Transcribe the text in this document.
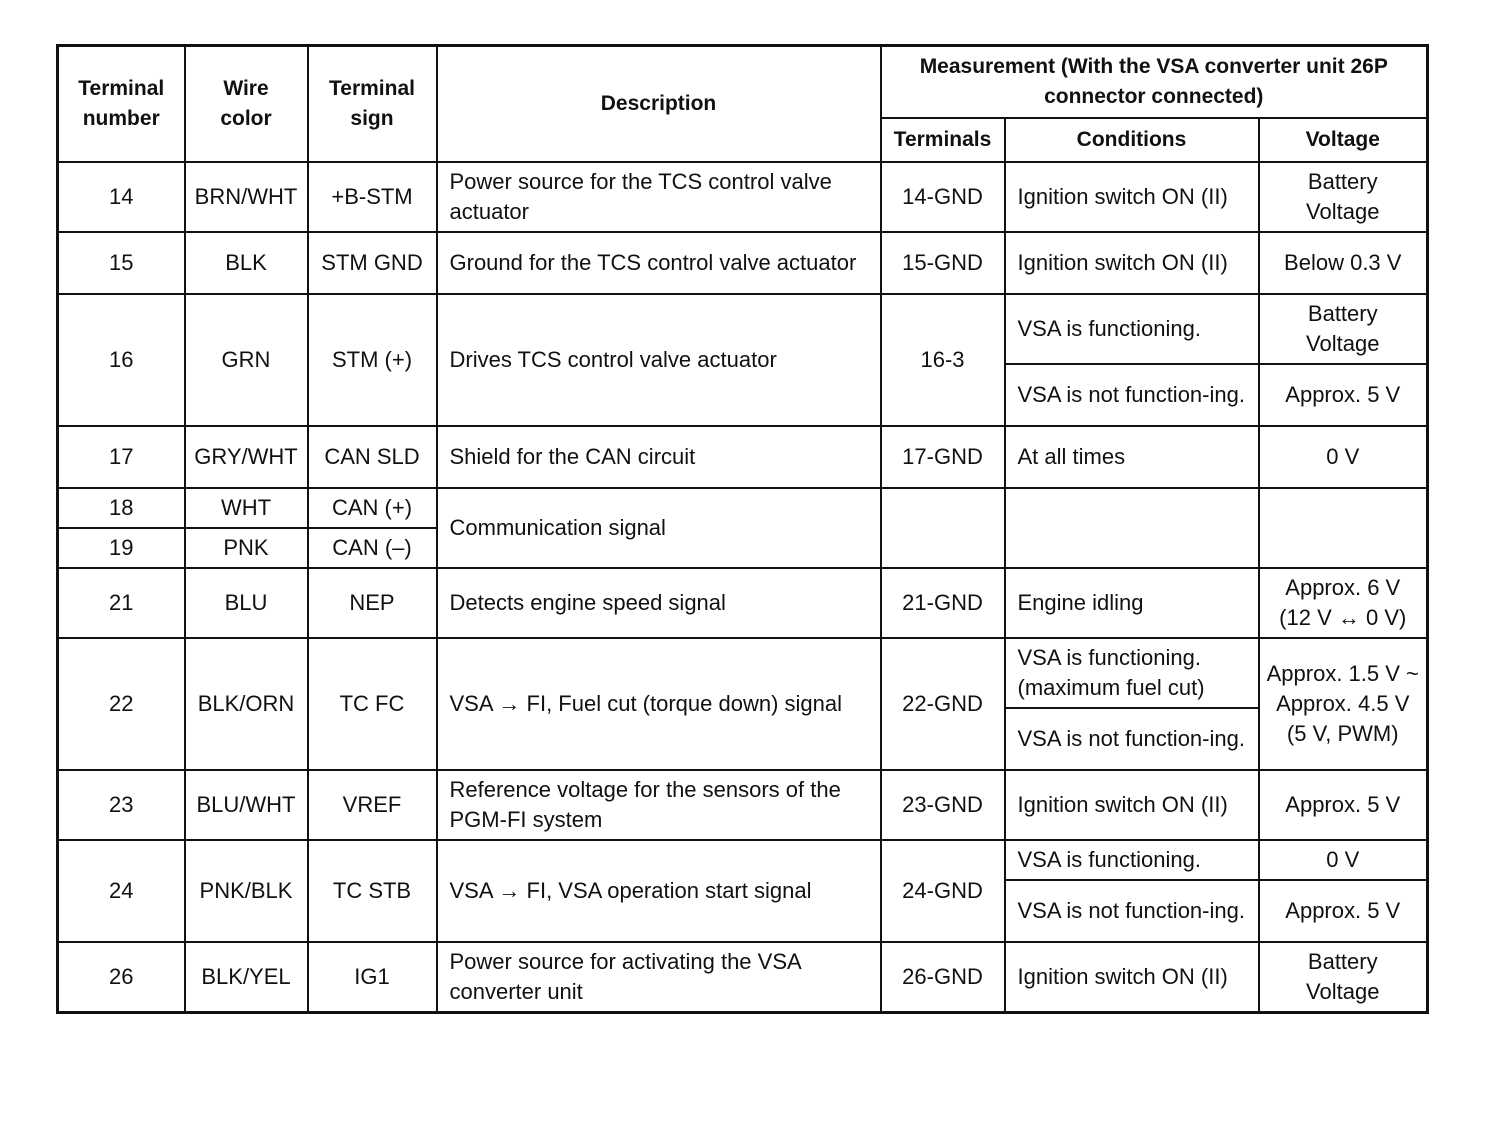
Terminal number	Wire color	Terminal sign	Description	Measurement (With the VSA converter unit 26P connector connected)		
				Terminals	Conditions	Voltage
14	BRN/WHT	+B-STM	Power source for the TCS control valve actuator	14-GND	Ignition switch ON (II)	Battery Voltage
15	BLK	STM GND	Ground for the TCS control valve actuator	15-GND	Ignition switch ON (II)	Below 0.3 V
16	GRN	STM (+)	Drives TCS control valve actuator	16-3	VSA is functioning.	Battery Voltage
					VSA is not function-ing.	Approx. 5 V
17	GRY/WHT	CAN SLD	Shield for the CAN circuit	17-GND	At all times	0 V
18	WHT	CAN (+)	Communication signal			
19	PNK	CAN (–)				
21	BLU	NEP	Detects engine speed signal	21-GND	Engine idling	Approx. 6 V (12 V ↔ 0 V)
22	BLK/ORN	TC FC	VSA → FI, Fuel cut (torque down) signal	22-GND	VSA is functioning. (maximum fuel cut)	Approx. 1.5 V ~ Approx. 4.5 V (5 V, PWM)
					VSA is not function-ing.	
23	BLU/WHT	VREF	Reference voltage for the sensors of the PGM-FI system	23-GND	Ignition switch ON (II)	Approx. 5 V
24	PNK/BLK	TC STB	VSA → FI, VSA operation start signal	24-GND	VSA is functioning.	0 V
					VSA is not function-ing.	Approx. 5 V
26	BLK/YEL	IG1	Power source for activating the VSA converter unit	26-GND	Ignition switch ON (II)	Battery Voltage
